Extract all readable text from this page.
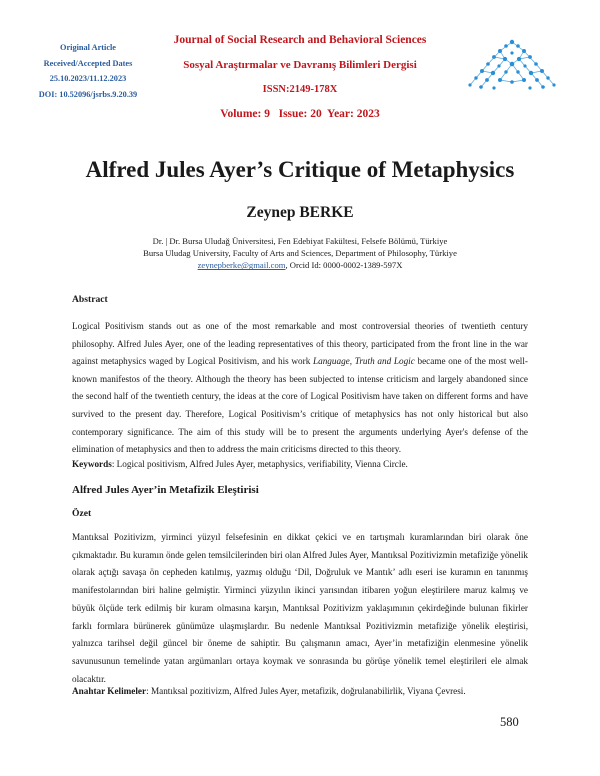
Original Article
Received/Accepted Dates
25.10.2023/11.12.2023
DOI: 10.52096/jsrbs.9.20.39
Journal of Social Research and Behavioral Sciences
Sosyal Araştırmalar ve Davranış Bilimleri Dergisi
ISSN:2149-178X
Volume: 9   Issue: 20  Year: 2023
Alfred Jules Ayer’s Critique of Metaphysics
Zeynep BERKE
Dr. | Dr. Bursa Uludağ Üniversitesi, Fen Edebiyat Fakültesi, Felsefe Bölümü, Türkiye
Bursa Uludag University, Faculty of Arts and Sciences, Department of Philosophy, Türkiye
zeynepberke@gmail.com, Orcid Id: 0000-0002-1389-597X
Abstract
Logical Positivism stands out as one of the most remarkable and most controversial theories of twentieth century philosophy. Alfred Jules Ayer, one of the leading representatives of this theory, participated from the front line in the war against metaphysics waged by Logical Positivism, and his work Language, Truth and Logic became one of the most well-known manifestos of the theory. Although the theory has been subjected to intense criticism and largely abandoned since the second half of the twentieth century, the ideas at the core of Logical Positivism have taken on different forms and have survived to the present day. Therefore, Logical Positivism’s critique of metaphysics has not only historical but also contemporary significance. The aim of this study will be to present the arguments underlying Ayer's defense of the elimination of metaphysics and then to address the main criticisms directed to this theory.
Keywords: Logical positivism, Alfred Jules Ayer, metaphysics, verifiability, Vienna Circle.
Alfred Jules Ayer’in Metafizik Eleştirisi
Özet
Mantıksal Pozitivizm, yirminci yüzyıl felsefesinin en dikkat çekici ve en tartışmalı kuramlarından biri olarak öne çıkmaktadır. Bu kuramın önde gelen temsilcilerinden biri olan Alfred Jules Ayer, Mantıksal Pozitivizmin metafiziğe yönelik olarak açtığı savaşa ön cepheden katılmış, yazmış olduğu ‘Dil, Doğruluk ve Mantık’ adlı eseri ise kuramın en tanınmış manifestolarından biri haline gelmiştir. Yirminci yüzyılın ikinci yarısından itibaren yoğun eleştirilere maruz kalmış ve büyük ölçüde terk edilmiş bir kuram olmasına karşın, Mantıksal Pozitivizm yaklaşımının çekirdeğinde bulunan fikirler farklı formlara bürünerek günümüze ulaşmışlardır. Bu nedenle Mantıksal Pozitivizmin metafiziğe yönelik eleştirisi, yalnızca tarihsel değil güncel bir öneme de sahiptir. Bu çalışmanın amacı, Ayer’in metafiziğin elenmesine yönelik savunusunun temelinde yatan argümanları ortaya koymak ve sonrasında bu görüşe yönelik temel eleştirileri ele almak olacaktır.
Anahtar Kelimeler: Mantıksal pozitivizm, Alfred Jules Ayer, metafizik, doğrulanabilirlik, Viyana Çevresi.
580
